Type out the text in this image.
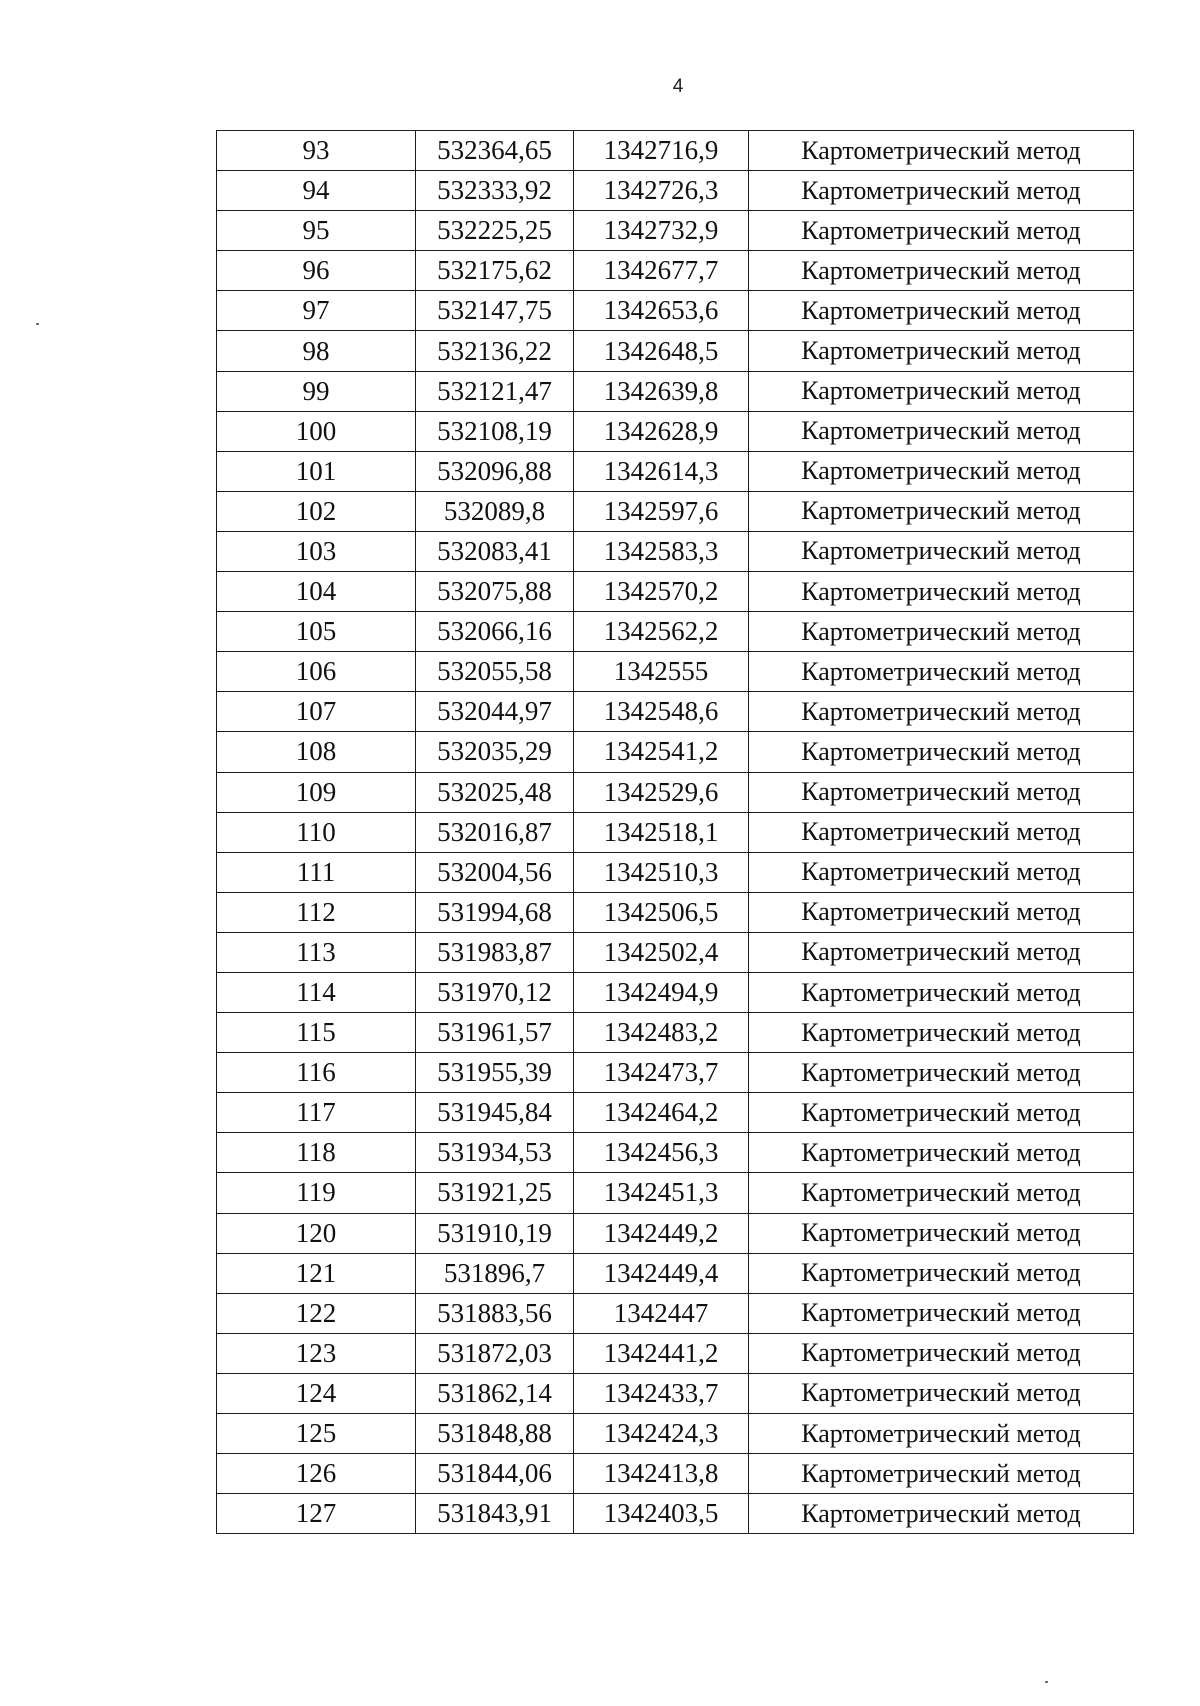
4
93	532364,65	1342716,9	Картометрический метод
94	532333,92	1342726,3	Картометрический метод
95	532225,25	1342732,9	Картометрический метод
96	532175,62	1342677,7	Картометрический метод
97	532147,75	1342653,6	Картометрический метод
98	532136,22	1342648,5	Картометрический метод
99	532121,47	1342639,8	Картометрический метод
100	532108,19	1342628,9	Картометрический метод
101	532096,88	1342614,3	Картометрический метод
102	532089,8	1342597,6	Картометрический метод
103	532083,41	1342583,3	Картометрический метод
104	532075,88	1342570,2	Картометрический метод
105	532066,16	1342562,2	Картометрический метод
106	532055,58	1342555	Картометрический метод
107	532044,97	1342548,6	Картометрический метод
108	532035,29	1342541,2	Картометрический метод
109	532025,48	1342529,6	Картометрический метод
110	532016,87	1342518,1	Картометрический метод
111	532004,56	1342510,3	Картометрический метод
112	531994,68	1342506,5	Картометрический метод
113	531983,87	1342502,4	Картометрический метод
114	531970,12	1342494,9	Картометрический метод
115	531961,57	1342483,2	Картометрический метод
116	531955,39	1342473,7	Картометрический метод
117	531945,84	1342464,2	Картометрический метод
118	531934,53	1342456,3	Картометрический метод
119	531921,25	1342451,3	Картометрический метод
120	531910,19	1342449,2	Картометрический метод
121	531896,7	1342449,4	Картометрический метод
122	531883,56	1342447	Картометрический метод
123	531872,03	1342441,2	Картометрический метод
124	531862,14	1342433,7	Картометрический метод
125	531848,88	1342424,3	Картометрический метод
126	531844,06	1342413,8	Картометрический метод
127	531843,91	1342403,5	Картометрический метод
